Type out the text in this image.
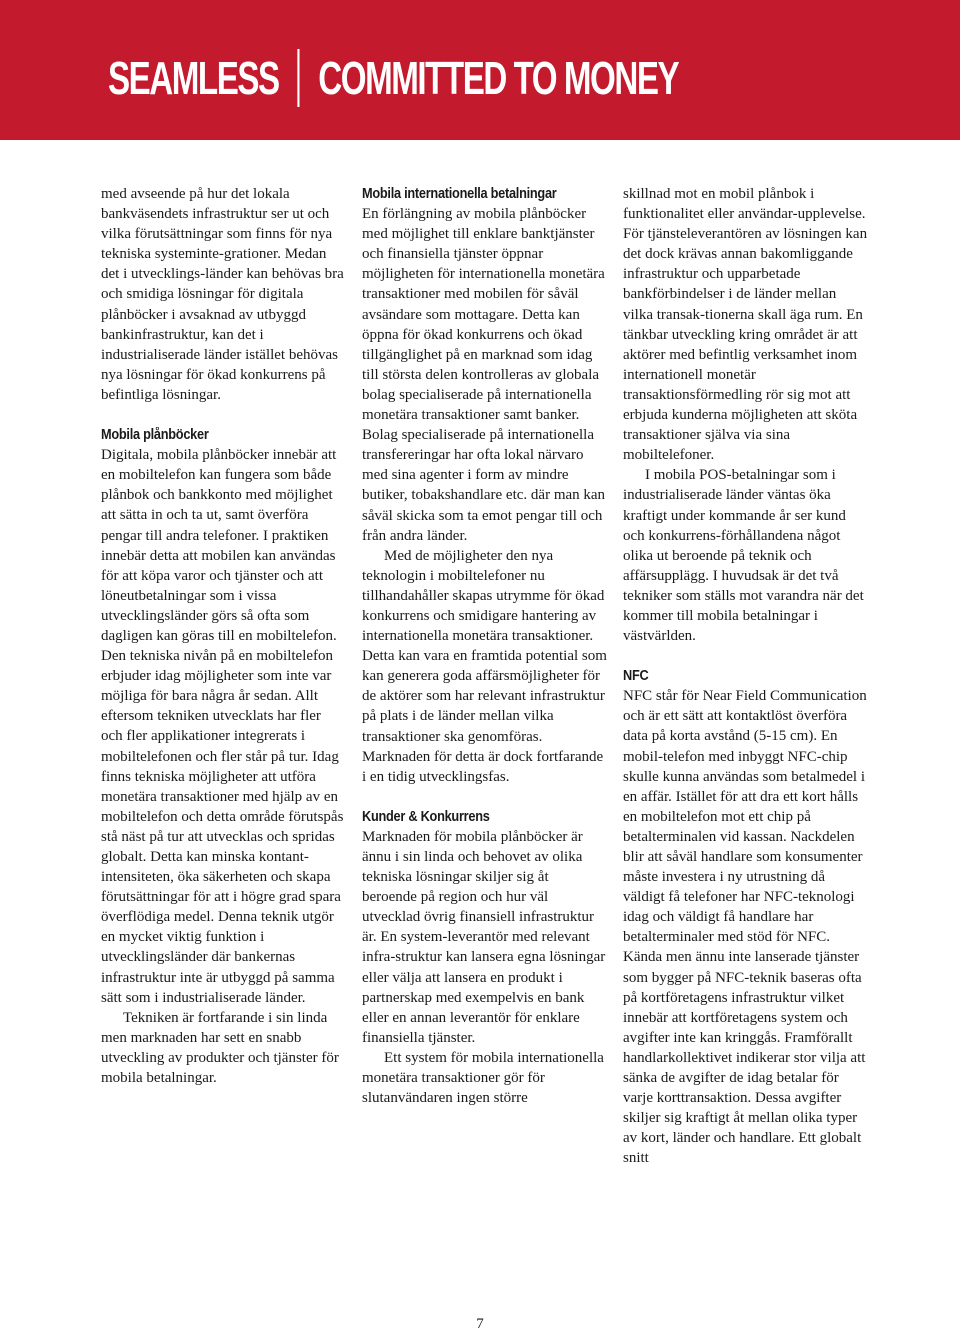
SEAMLESS COMMITTED TO MONEY

med avseende på hur det lokala bankväsendets infrastruktur ser ut och vilka förutsättningar som finns för nya tekniska systeminte-grationer. Medan det i utvecklings-länder kan behövas bra och smidiga lösningar för digitala plånböcker i avsaknad av utbyggd bankinfrastruktur, kan det i industrialiserade länder istället behövas nya lösningar för ökad konkurrens på befintliga lösningar.

Mobila plånböcker

Digitala, mobila plånböcker innebär att en mobiltelefon kan fungera som både plånbok och bankkonto med möjlighet att sätta in och ta ut, samt överföra pengar till andra telefoner. I praktiken innebär detta att mobilen kan användas för att köpa varor och tjänster och att löneutbetalningar som i vissa utvecklingsländer görs så ofta som dagligen kan göras till en mobiltelefon. Den tekniska nivån på en mobiltelefon erbjuder idag möjligheter som inte var möjliga för bara några år sedan. Allt eftersom tekniken utvecklats har fler och fler applikationer integrerats i mobiltelefonen och fler står på tur. Idag finns tekniska möjligheter att utföra monetära transaktioner med hjälp av en mobiltelefon och detta område förutspås stå näst på tur att utvecklas och spridas globalt. Detta kan minska kontant-intensiteten, öka säkerheten och skapa förutsättningar för att i högre grad spara överflödiga medel. Denna teknik utgör en mycket viktig funktion i utvecklingsländer där bankernas infrastruktur inte är utbyggd på samma sätt som i industrialiserade länder.

Tekniken är fortfarande i sin linda men marknaden har sett en snabb utveckling av produkter och tjänster för mobila betalningar.

Mobila internationella betalningar

En förlängning av mobila plånböcker med möjlighet till enklare banktjänster och finansiella tjänster öppnar möjligheten för internationella monetära transaktioner med mobilen för såväl avsändare som mottagare. Detta kan öppna för ökad konkurrens och ökad tillgänglighet på en marknad som idag till största delen kontrolleras av globala bolag specialiserade på internationella monetära transaktioner samt banker. Bolag specialiserade på internationella transfereringar har ofta lokal närvaro med sina agenter i form av mindre butiker, tobakshandlare etc. där man kan såväl skicka som ta emot pengar till och från andra länder.

Med de möjligheter den nya teknologin i mobiltelefoner nu tillhandahåller skapas utrymme för ökad konkurrens och smidigare hantering av internationella monetära transaktioner. Detta kan vara en framtida potential som kan generera goda affärsmöjligheter för de aktörer som har relevant infrastruktur på plats i de länder mellan vilka transaktioner ska genomföras. Marknaden för detta är dock fortfarande i en tidig utvecklingsfas.

Kunder & Konkurrens

Marknaden för mobila plånböcker är ännu i sin linda och behovet av olika tekniska lösningar skiljer sig åt beroende på region och hur väl utvecklad övrig finansiell infrastruktur är. En system-leverantör med relevant infra-struktur kan lansera egna lösningar eller välja att lansera en produkt i partnerskap med exempelvis en bank eller en annan leverantör för enklare finansiella tjänster.

Ett system för mobila internationella monetära transaktioner gör för slutanvändaren ingen större

skillnad mot en mobil plånbok i funktionalitet eller användar-upplevelse. För tjänsteleverantören av lösningen kan det dock krävas annan bakomliggande infrastruktur och upparbetade bankförbindelser i de länder mellan vilka transak-tionerna skall äga rum. En tänkbar utveckling kring området är att aktörer med befintlig verksamhet inom internationell monetär transaktionsförmedling rör sig mot att erbjuda kunderna möjligheten att sköta transaktioner själva via sina mobiltelefoner.

I mobila POS-betalningar som i industrialiserade länder väntas öka kraftigt under kommande år ser kund och konkurrens-förhållandena något olika ut beroende på teknik och affärsupplägg. I huvudsak är det två tekniker som ställs mot varandra när det kommer till mobila betalningar i västvärlden.

NFC

NFC står för Near Field Communication och är ett sätt att kontaktlöst överföra data på korta avstånd (5-15 cm). En mobil-telefon med inbyggt NFC-chip skulle kunna användas som betalmedel i en affär. Istället för att dra ett kort hålls en mobiltelefon mot ett chip på betalterminalen vid kassan. Nackdelen blir att såväl handlare som konsumenter måste investera i ny utrustning då väldigt få telefoner har NFC-teknologi idag och väldigt få handlare har betalterminaler med stöd för NFC. Kända men ännu inte lanserade tjänster som bygger på NFC-teknik baseras ofta på kortföretagens infrastruktur vilket innebär att kortföretagens system och avgifter inte kan kringgås. Framförallt handlarkollektivet indikerar stor vilja att sänka de avgifter de idag betalar för varje korttransaktion. Dessa avgifter skiljer sig kraftigt åt mellan olika typer av kort, länder och handlare. Ett globalt snitt

7
